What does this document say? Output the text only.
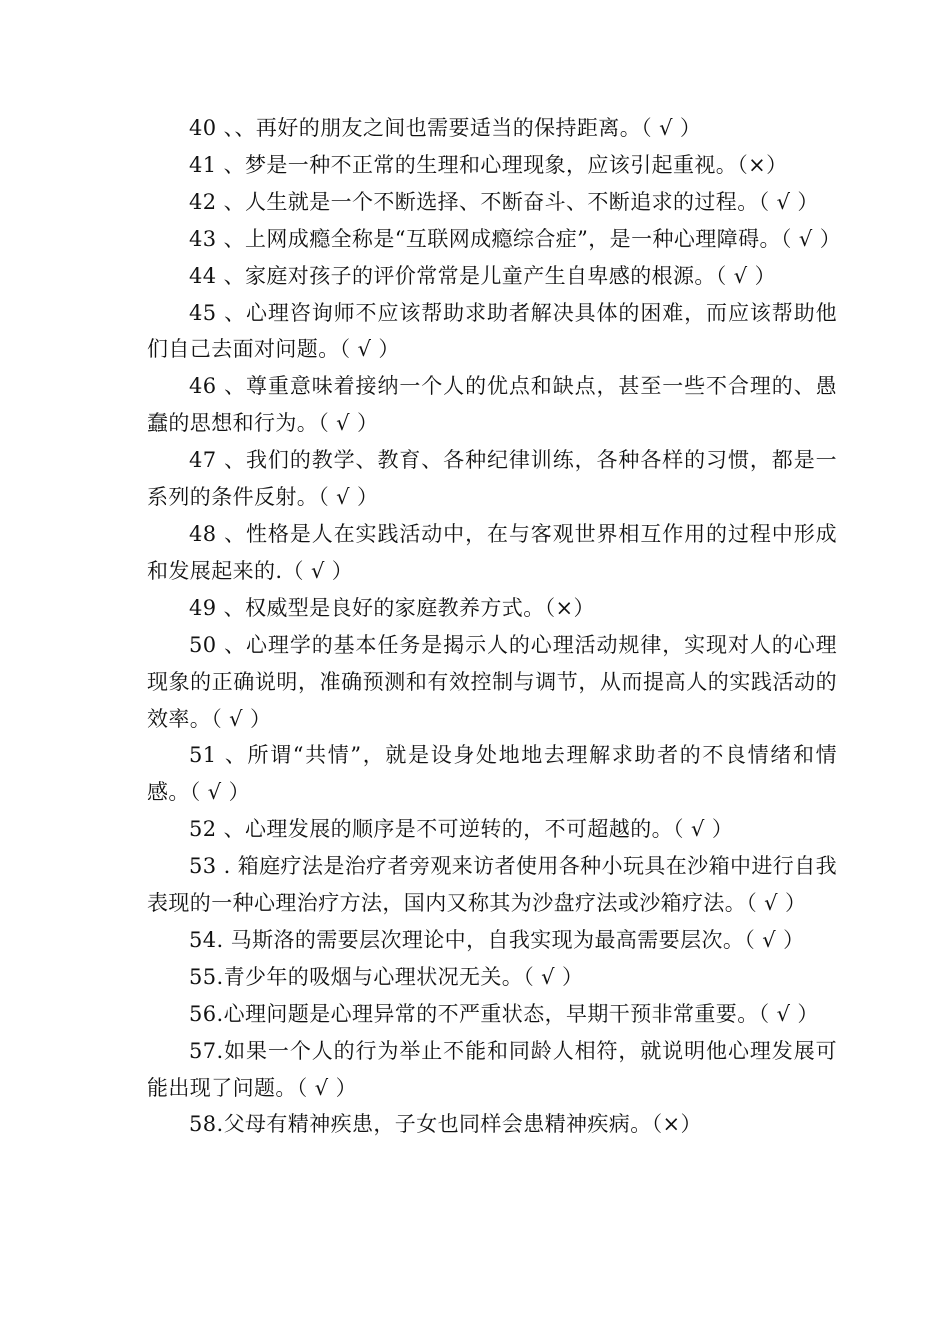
40 、、再好的朋友之间也需要适当的保持距离。（ √ ）

41 、梦是一种不正常的生理和心理现象，应该引起重视。（×）

42 、人生就是一个不断选择、不断奋斗、不断追求的过程。（ √ ）

43 、上网成瘾全称是“互联网成瘾综合症”，是一种心理障碍。（ √ ）

44 、家庭对孩子的评价常常是儿童产生自卑感的根源。（ √ ）

45 、心理咨询师不应该帮助求助者解决具体的困难，而应该帮助他们自己去面对问题。（ √ ）

46 、尊重意味着接纳一个人的优点和缺点，甚至一些不合理的、愚蠢的思想和行为。（ √ ）

47 、我们的教学、教育、各种纪律训练，各种各样的习惯，都是一系列的条件反射。（ √ ）

48 、性格是人在实践活动中，在与客观世界相互作用的过程中形成和发展起来的.（ √ ）

49 、权威型是良好的家庭教养方式。（×）

50 、心理学的基本任务是揭示人的心理活动规律，实现对人的心理现象的正确说明，准确预测和有效控制与调节，从而提高人的实践活动的效率。（ √ ）

51 、所谓“共情”，就是设身处地地去理解求助者的不良情绪和情感。（ √ ）

52 、心理发展的顺序是不可逆转的，不可超越的。（ √ ）

53 . 箱庭疗法是治疗者旁观来访者使用各种小玩具在沙箱中进行自我表现的一种心理治疗方法，国内又称其为沙盘疗法或沙箱疗法。（ √ ）

54. 马斯洛的需要层次理论中，自我实现为最高需要层次。（ √ ）

55.青少年的吸烟与心理状况无关。（ √ ）

56.心理问题是心理异常的不严重状态，早期干预非常重要。（ √ ）

57.如果一个人的行为举止不能和同龄人相符，就说明他心理发展可能出现了问题。（ √ ）

58.父母有精神疾患，子女也同样会患精神疾病。（×）
